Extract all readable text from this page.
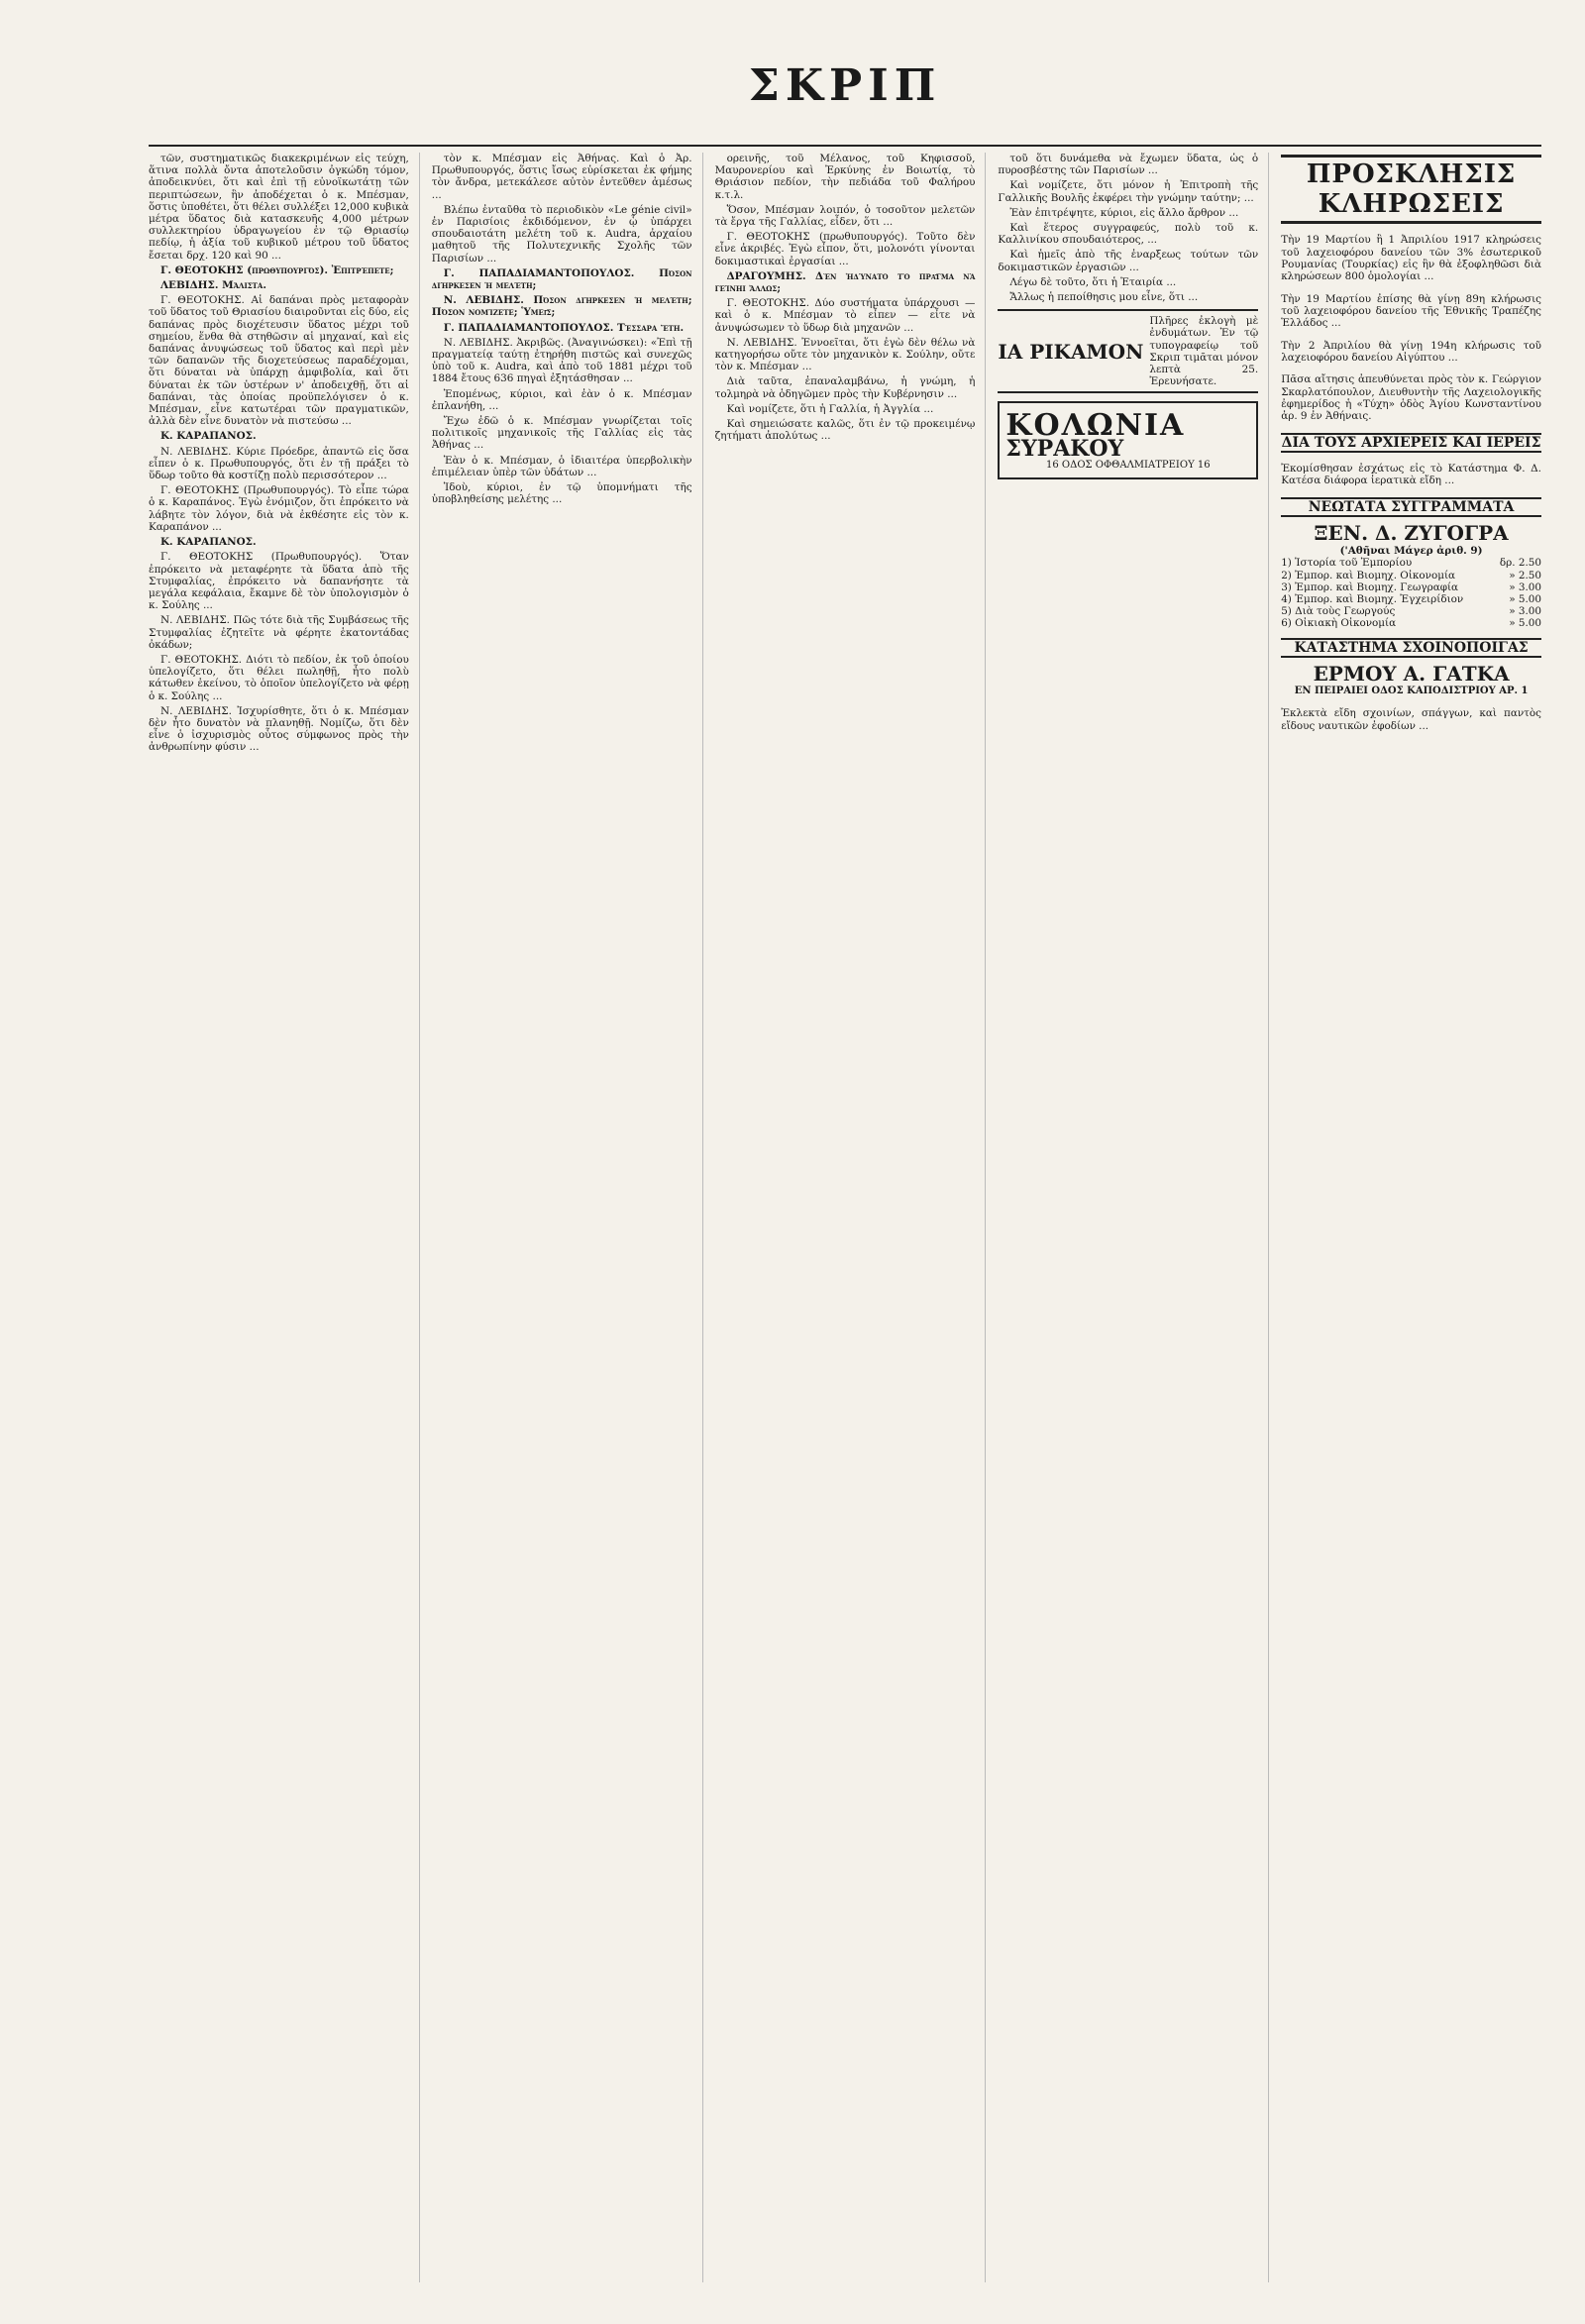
ΣΚΡΙΠ

τῶν, συστηματικῶς διακεκριμένων εἰς τεύχη, ἅτινα πολλὰ ὄντα ἀποτελοῦσιν ὀγκώδη τόμον, ἀποδεικνύει, ὅτι καὶ ἐπὶ τῇ εὐνοϊκωτάτῃ τῶν περιπτώσεων, ἣν ἀποδέχεται ὁ κ. Μπέσμαν, ὅστις ὑποθέτει, ὅτι θέλει συλλέξει 12,000 κυβικὰ μέτρα ὕδατος διὰ κατασκευῆς 4,000 μέτρων συλλεκτηρίου ὑδραγωγείου ἐν τῷ Θριασίῳ πεδίῳ, ἡ ἀξία τοῦ κυβικοῦ μέτρου τοῦ ὕδατος ἔσεται δρχ. 120 καὶ 90 ...

Γ. ΘΕΟΤΟΚΗΣ (πρωθυπουργός). Ἐπιτρέπετε;

ΛΕΒΙΔΗΣ. Μάλιστα.

Γ. ΘΕΟΤΟΚΗΣ. Αἱ δαπάναι πρὸς μεταφορὰν τοῦ ὕδατος τοῦ Θριασίου διαιροῦνται εἰς δύο, εἰς δαπάνας πρὸς διοχέτευσιν ὕδατος μέχρι τοῦ σημείου, ἕνθα θὰ στηθῶσιν αἱ μηχαναί, καὶ εἰς δαπάνας ἀνυψώσεως τοῦ ὕδατος καὶ περὶ μὲν τῶν δαπανῶν τῆς διοχετεύσεως παραδέχομαι, ὅτι δύναται νὰ ὑπάρχῃ ἀμφιβολία, καὶ ὅτι δύναται ἐκ τῶν ὑστέρων ν' ἀποδειχθῇ, ὅτι αἱ δαπάναι, τὰς ὁποίας προϋπελόγισεν ὁ κ. Μπέσμαν, εἶνε κατωτέραι τῶν πραγματικῶν, ἀλλὰ δὲν εἶνε δυνατὸν νὰ πιστεύσω ...

Κ. ΚΑΡΑΠΑΝΟΣ.

Ν. ΛΕΒΙΔΗΣ. Κύριε Πρόεδρε, ἀπαντῶ εἰς ὅσα εἶπεν ὁ κ. Πρωθυπουργός, ὅτι ἐν τῇ πράξει τὸ ὕδωρ τοῦτο θὰ κοστίζῃ πολὺ περισσότερον ...

Γ. ΘΕΟΤΟΚΗΣ (Πρωθυπουργός). Τὸ εἶπε τώρα ὁ κ. Καραπάνος. Ἐγὼ ἐνόμιζον, ὅτι ἐπρόκειτο νὰ λάβητε τὸν λόγον, διὰ νὰ ἐκθέσητε εἰς τὸν κ. Καραπάνον ...

Κ. ΚΑΡΑΠΑΝΟΣ.

Γ. ΘΕΟΤΟΚΗΣ (Πρωθυπουργός). Ὅταν ἐπρόκειτο νὰ μεταφέρητε τὰ ὕδατα ἀπὸ τῆς Στυμφαλίας, ἐπρόκειτο νὰ δαπανήσητε τὰ μεγάλα κεφάλαια, ἔκαμνε δὲ τὸν ὑπολογισμὸν ὁ κ. Σούλης ...

Ν. ΛΕΒΙΔΗΣ. Πῶς τότε διὰ τῆς Συμβάσεως τῆς Στυμφαλίας ἐζητεῖτε νὰ φέρητε ἑκατοντάδας ὀκάδων;

Γ. ΘΕΟΤΟΚΗΣ. Διότι τὸ πεδίον, ἐκ τοῦ ὁποίου ὑπελογίζετο, ὅτι θέλει πωληθῇ, ἦτο πολὺ κάτωθεν ἐκείνου, τὸ ὁποῖον ὑπελογίζετο νὰ φέρῃ ὁ κ. Σούλης ...

Ν. ΛΕΒΙΔΗΣ. Ἰσχυρίσθητε, ὅτι ὁ κ. Μπέσμαν δὲν ἦτο δυνατὸν νὰ πλανηθῇ. Νομίζω, ὅτι δὲν εἶνε ὁ ἰσχυρισμὸς οὗτος σύμφωνος πρὸς τὴν ἀνθρωπίνην φύσιν ...

τὸν κ. Μπέσμαν εἰς Ἀθήνας. Καὶ ὁ Ἀρ. Πρωθυπουργός, ὅστις ἴσως εὑρίσκεται ἐκ φήμης τὸν ἄνδρα, μετεκάλεσε αὐτὸν ἐντεῦθεν ἀμέσως ...

Βλέπω ἐνταῦθα τὸ περιοδικὸν «Le génie civil» ἐν Παρισίοις ἐκδιδόμενον, ἐν ᾧ ὑπάρχει σπουδαιοτάτη μελέτη τοῦ κ. Audra, ἀρχαίου μαθητοῦ τῆς Πολυτεχνικῆς Σχολῆς τῶν Παρισίων ...

Γ. ΠΑΠΑΔΙΑΜΑΝΤΟΠΟΥΛΟΣ. Πόσον διήρκεσεν ἡ μελέτη;

Ν. ΛΕΒΙΔΗΣ. Πόσον διήρκεσεν ἡ μελέτη; Πόσον νομίζετε; Ὑμεῖς;

Γ. ΠΑΠΑΔΙΑΜΑΝΤΟΠΟΥΛΟΣ. Τέσσαρα ἔτη.

Ν. ΛΕΒΙΔΗΣ. Ἀκριβῶς. (Ἀναγινώσκει): «Ἐπὶ τῇ πραγματείᾳ ταύτῃ ἐτηρήθη πιστῶς καὶ συνεχῶς ὑπὸ τοῦ κ. Audra, καὶ ἀπὸ τοῦ 1881 μέχρι τοῦ 1884 ἔτους 636 πηγαὶ ἐξητάσθησαν ...

Ἐπομένως, κύριοι, καὶ ἐὰν ὁ κ. Μπέσμαν ἐπλανήθη, ...

Ἔχω ἐδῶ ὁ κ. Μπέσμαν γνωρίζεται τοῖς πολιτικοῖς μηχανικοῖς τῆς Γαλλίας εἰς τὰς Ἀθήνας ...

Ἐὰν ὁ κ. Μπέσμαν, ὁ ἰδιαιτέρα ὑπερβολικὴν ἐπιμέλειαν ὑπὲρ τῶν ὑδάτων ...

Ἰδοὺ, κύριοι, ἐν τῷ ὑπομνήματι τῆς ὑποβληθείσης μελέτης ...

ορεινῆς, τοῦ Μέλανος, τοῦ Κηφισσοῦ, Μαυρονερίου καὶ Ἐρκύνης ἐν Βοιωτίᾳ, τὸ Θριάσιον πεδίον, τὴν πεδιάδα τοῦ Φαλήρου κ.τ.λ.

Ὅσον, Μπέσμαν λοιπόν, ὁ τοσοῦτον μελετῶν τὰ ἔργα τῆς Γαλλίας, εἶδεν, ὅτι ...

Γ. ΘΕΟΤΟΚΗΣ (πρωθυπουργός). Τοῦτο δὲν εἶνε ἀκριβές. Ἐγὼ εἶπον, ὅτι, μολονότι γίνονται δοκιμαστικαὶ ἐργασίαι ...

ΔΡΑΓΟΥΜΗΣ. Δὲν ἠδύνατο τὸ πρᾶγμα νὰ γείνῃ ἄλλως;

Γ. ΘΕΟΤΟΚΗΣ. Δύο συστήματα ὑπάρχουσι — καὶ ὁ κ. Μπέσμαν τὸ εἶπεν — εἶτε νὰ ἀνυψώσωμεν τὸ ὕδωρ διὰ μηχανῶν ...

Ν. ΛΕΒΙΔΗΣ. Ἐννοεῖται, ὅτι ἐγὼ δὲν θέλω νὰ κατηγορήσω οὔτε τὸν μηχανικὸν κ. Σούλην, οὔτε τὸν κ. Μπέσμαν ...

Διὰ ταῦτα, ἐπαναλαμβάνω, ἡ γνώμη, ἡ τολμηρὰ νὰ ὁδηγῶμεν πρὸς τὴν Κυβέρνησιν ...

Καὶ νομίζετε, ὅτι ἡ Γαλλία, ἡ Ἀγγλία ...

Καὶ σημειώσατε καλῶς, ὅτι ἐν τῷ προκειμένῳ ζητήματι ἀπολύτως ...

τοῦ ὅτι δυνάμεθα νὰ ἔχωμεν ὕδατα, ὡς ὁ πυροσβέστης τῶν Παρισίων ...

Καὶ νομίζετε, ὅτι μόνον ἡ Ἐπιτροπὴ τῆς Γαλλικῆς Βουλῆς ἐκφέρει τὴν γνώμην ταύτην; ...

Ἐὰν ἐπιτρέψητε, κύριοι, εἰς ἄλλο ἄρθρον ...

Καὶ ἕτερος συγγραφεύς, πολὺ τοῦ κ. Καλλινίκου σπουδαιότερος, ...

Καὶ ἡμεῖς ἀπὸ τῆς ἐναρξεως τούτων τῶν δοκιμαστικῶν ἐργασιῶν ...

Λέγω δὲ τοῦτο, ὅτι ἡ Ἑταιρία ...

Ἄλλως ἡ πεποίθησις μου εἶνε, ὅτι ...

ΙΑ ΡΙΚΑΜΟΝ
Πλῆρες ἐκλογὴ μὲ ἐνδυμάτων. Ἐν τῷ τυπογραφείῳ τοῦ Σκριπ τιμᾶται μόνον λεπτὰ 25. Ἐρευνήσατε.
ΚΟΛΩΝΙΑ ΣΥΡΑΚΟΥ
16 ΟΔΟΣ ΟΦΘΑΛΜΙΑΤΡΕΙΟΥ 16
ΠΡΟΣΚΛΗΣΙΣ ΚΛΗΡΩΣΕΙΣ

Τὴν 19 Μαρτίου ἢ 1 Ἀπριλίου 1917 κληρώσεις τοῦ λαχειοφόρου δανείου τῶν 3% ἐσωτερικοῦ Ρουμανίας (Τουρκίας) εἰς ἣν θὰ ἐξοφληθῶσι διὰ κληρώσεων 800 ὁμολογίαι ...

Τὴν 19 Μαρτίου ἐπίσης θὰ γίνῃ 89η κλήρωσις τοῦ λαχειοφόρου δανείου τῆς Ἐθνικῆς Τραπέζης Ἑλλάδος ...

Τὴν 2 Ἀπριλίου θὰ γίνῃ 194η κλήρωσις τοῦ λαχειοφόρου δανείου Αἰγύπτου ...

Πᾶσα αἴτησις ἀπευθύνεται πρὸς τὸν κ. Γεώργιον Σκαρλατόπουλον, Διευθυντὴν τῆς Λαχειολογικῆς ἐφημερίδος ἡ «Τύχη» ὁδὸς Ἁγίου Κωνσταντίνου ἀρ. 9 ἐν Ἀθήναις.

ΔΙΑ ΤΟΥΣ ΑΡΧΙΕΡΕΙΣ ΚΑΙ ΙΕΡΕΙΣ

Ἐκομίσθησαν ἐσχάτως εἰς τὸ Κατάστημα Φ. Δ. Κατέσα διάφορα ἱερατικὰ εἴδη ...

ΝΕΩΤΑΤΑ ΣΥΓΓΡΑΜΜΑΤΑ
ΞΕΝ. Δ. ΖΥΓΟΓΡΑ
('Αθῆναι Μάγερ ἀριθ. 9)
1) Ἱστορία τοῦ Ἐμπορίου	δρ. 2.50
2) Ἐμπορ. καὶ Βιομηχ. Οἰκονομία	» 2.50
3) Ἐμπορ. καὶ Βιομηχ. Γεωγραφία	» 3.00
4) Ἐμπορ. καὶ Βιομηχ. Ἐγχειρίδιον	» 5.00
5) Διὰ τοὺς Γεωργούς	» 3.00
6) Οἰκιακὴ Οἰκονομία	» 5.00
ΚΑΤΑΣΤΗΜΑ ΣΧΟΙΝΟΠΟΙΓΑΣ
ΕΡΜΟΥ Α. ΓΑΤΚΑ
ΕΝ ΠΕΙΡΑΙΕΙ ΟΔΟΣ ΚΑΠΟΔΙΣΤΡΙΟΥ ΑΡ. 1

Ἐκλεκτὰ εἴδη σχοινίων, σπάγγων, καὶ παντὸς εἴδους ναυτικῶν ἐφοδίων ...
